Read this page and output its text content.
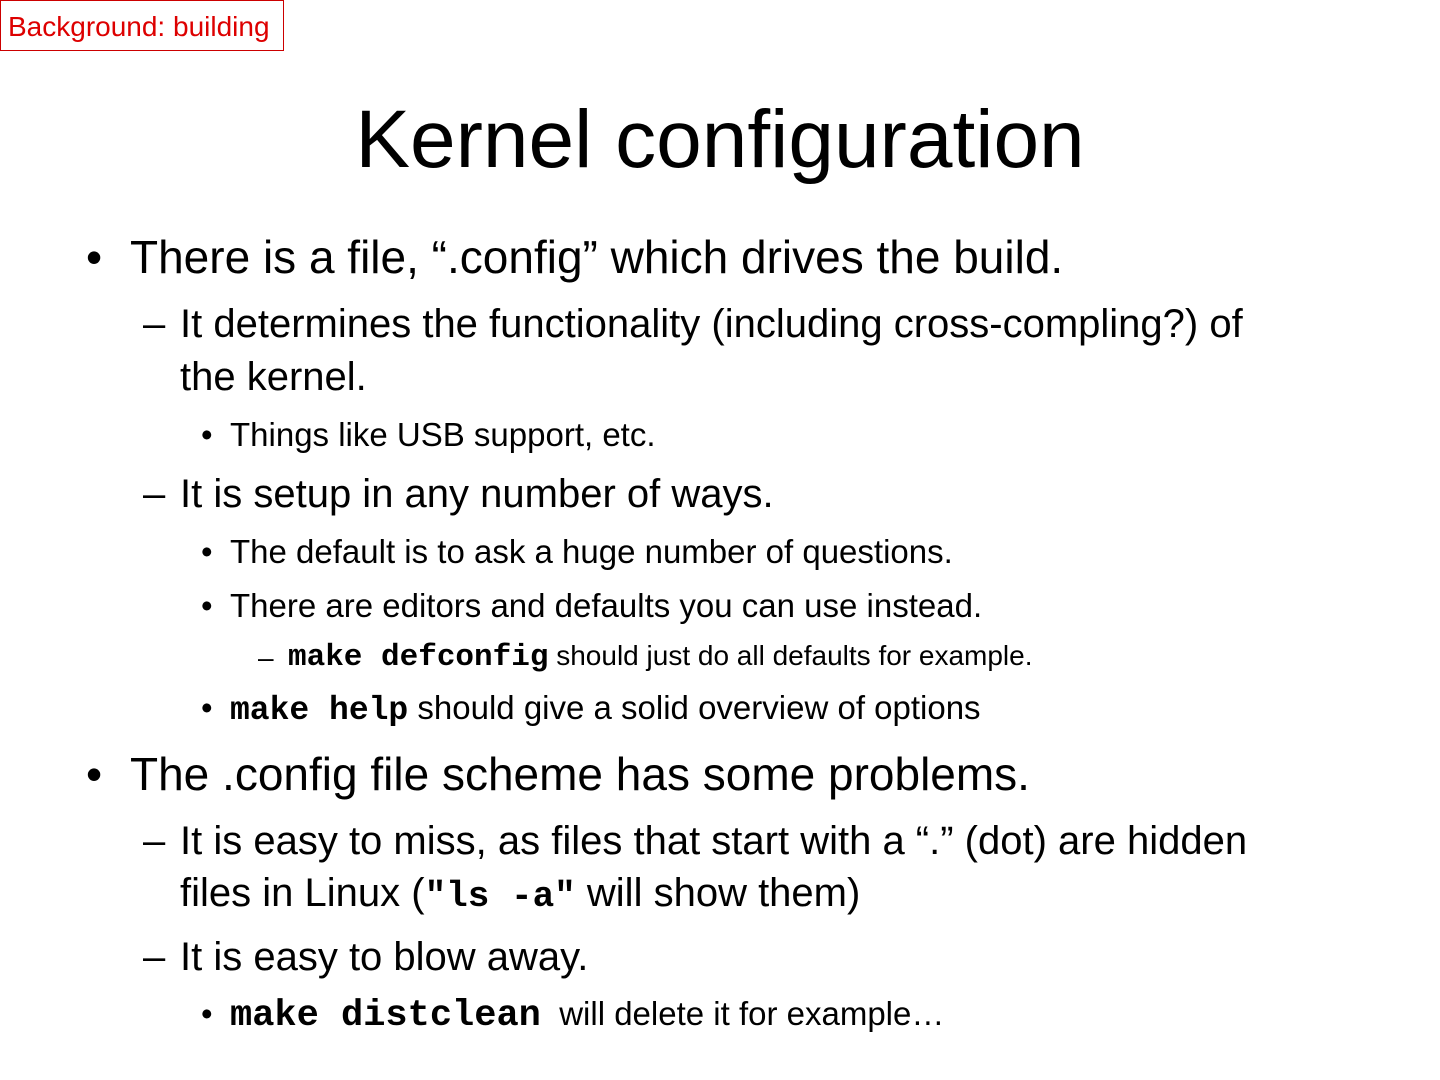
Background: building
Kernel configuration
• There is a file, “.config” which drives the build.
– It determines the functionality (including cross-compling?) of
the kernel.
• Things like USB support, etc.
– It is setup in any number of ways.
• The default is to ask a huge number of questions.
• There are editors and defaults you can use instead.
– make defconfig should just do all defaults for example.
• make help should give a solid overview of options
• The .config file scheme has some problems.
– It is easy to miss, as files that start with a “.” (dot) are hidden
files in Linux ("ls -a" will show them)
– It is easy to blow away.
• make distclean  will delete it for example…
